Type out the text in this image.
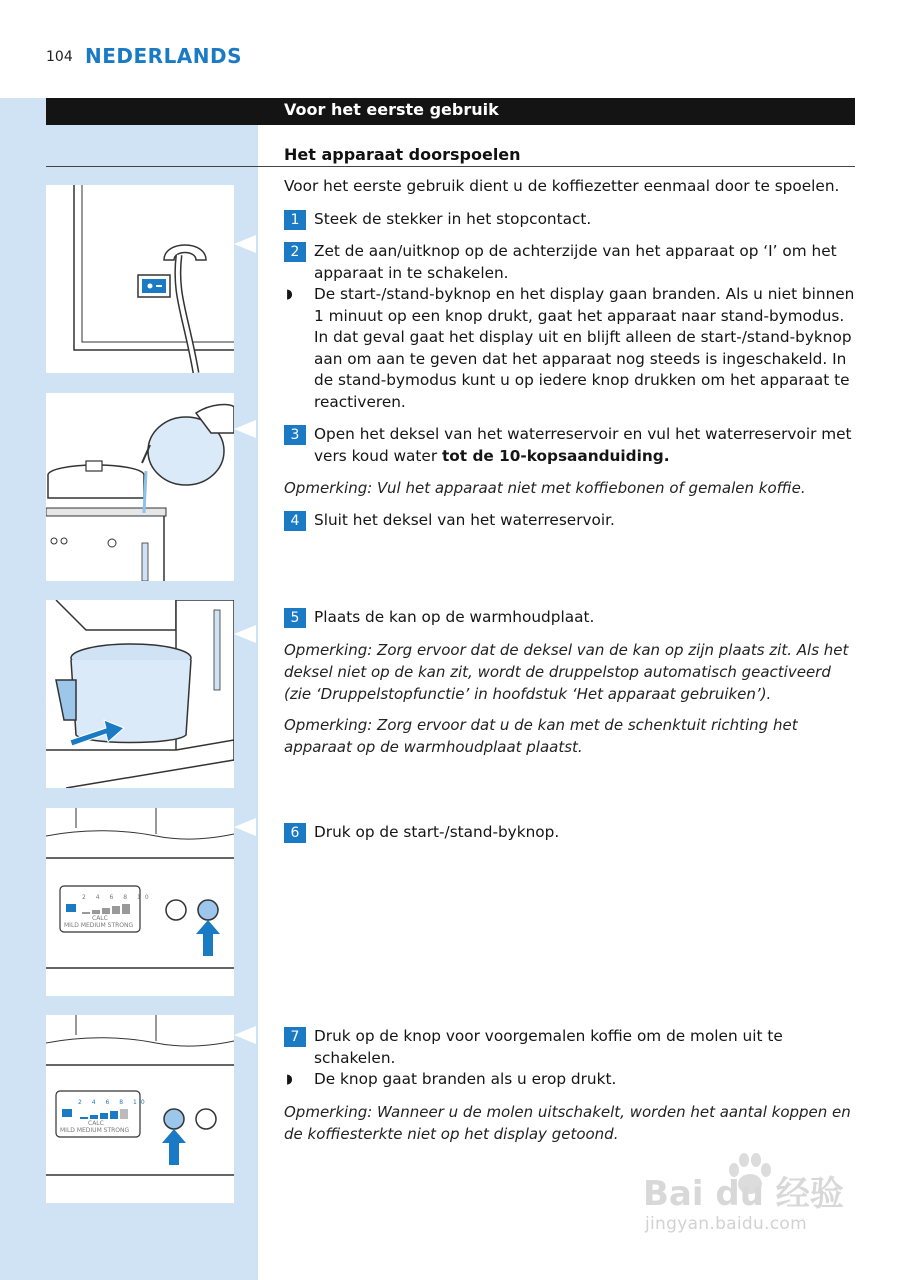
104 NEDERLANDS
Voor het eerste gebruik
Het apparaat doorspoelen
2 4 6 8 10
CALC
MILD MEDIUM STRONG
2 4 6 8 10
CALC
MILD MEDIUM STRONG
Voor het eerste gebruik dient u de koffiezetter eenmaal door te spoelen.
1 Steek de stekker in het stopcontact.
2 Zet de aan/uitknop op de achterzijde van het apparaat op ‘I’ om het apparaat in te schakelen.
◗ De start-/stand-byknop en het display gaan branden. Als u niet binnen 1 minuut op een knop drukt, gaat het apparaat naar stand-bymodus. In dat geval gaat het display uit en blijft alleen de start-/stand-byknop aan om aan te geven dat het apparaat nog steeds is ingeschakeld. In de stand-bymodus kunt u op iedere knop drukken om het apparaat te reactiveren.
3 Open het deksel van het waterreservoir en vul het waterreservoir met vers koud water tot de 10-kopsaanduiding.
Opmerking: Vul het apparaat niet met koffiebonen of gemalen koffie.
4 Sluit het deksel van het waterreservoir.
5 Plaats de kan op de warmhoudplaat.
Opmerking: Zorg ervoor dat de deksel van de kan op zijn plaats zit. Als het deksel niet op de kan zit, wordt de druppelstop automatisch geactiveerd (zie ‘Druppelstopfunctie’ in hoofdstuk ‘Het apparaat gebruiken’).
Opmerking: Zorg ervoor dat u de kan met de schenktuit richting het apparaat op de warmhoudplaat plaatst.
6 Druk op de start-/stand-byknop.
7 Druk op de knop voor voorgemalen koffie om de molen uit te schakelen.
◗ De knop gaat branden als u erop drukt.
Opmerking: Wanneer u de molen uitschakelt, worden het aantal koppen en de koffiesterkte niet op het display getoond.
Bai du 经验
jingyan.baidu.com
